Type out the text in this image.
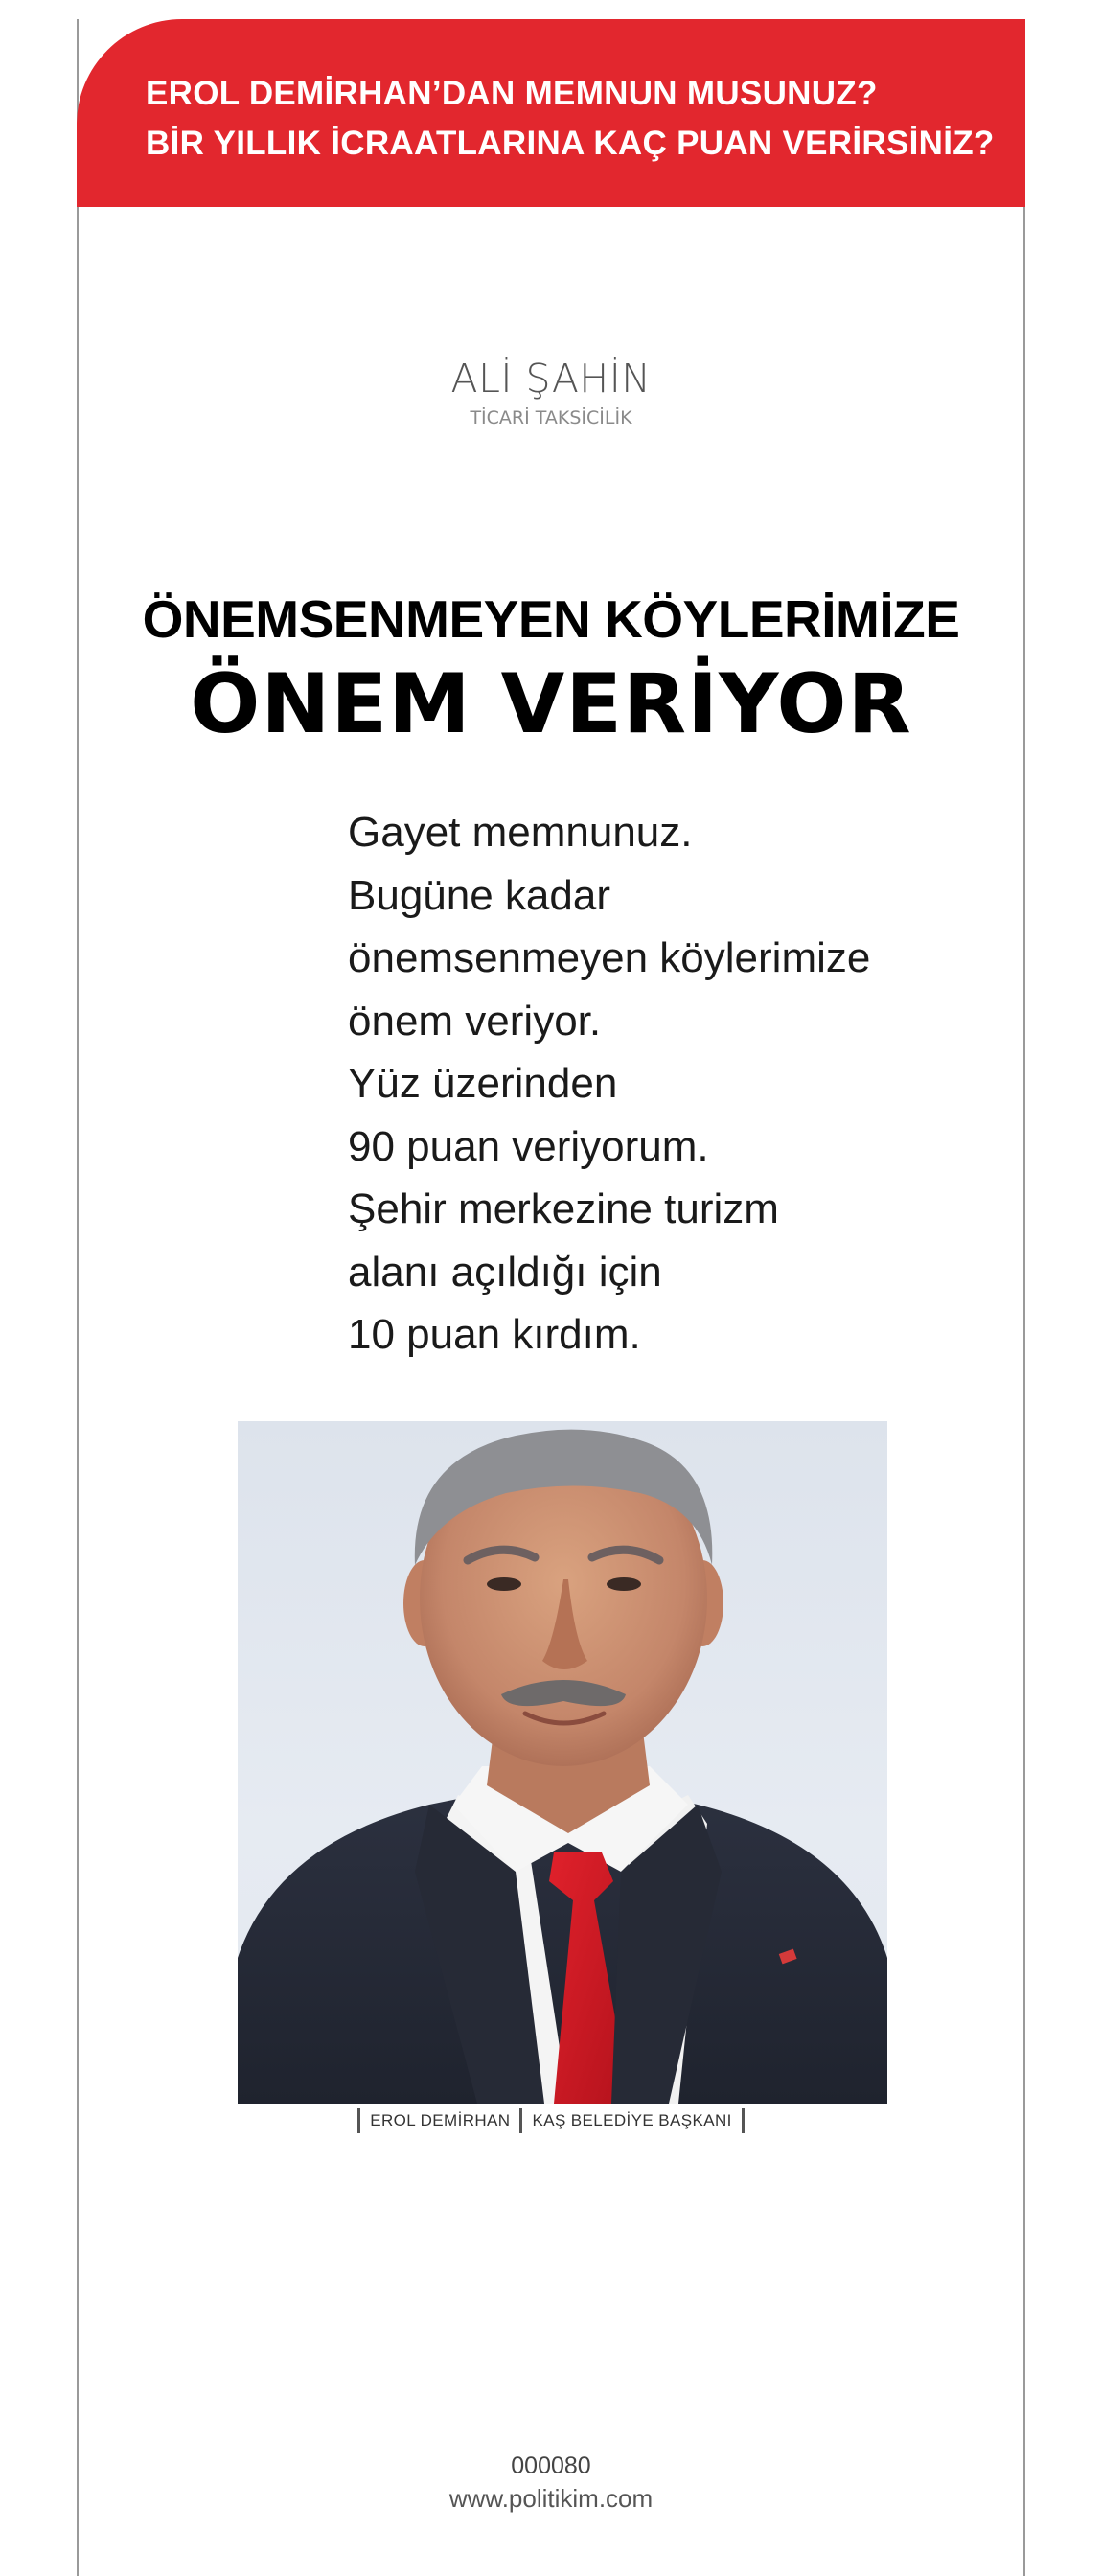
EROL DEMİRHAN’DAN MEMNUN MUSUNUZ?
BİR YILLIK İCRAATLARINA KAÇ PUAN VERİRSİNİZ?
ALİ ŞAHİN
TİCARİ TAKSİCİLİK
ÖNEMSENMEYEN KÖYLERİMİZE
ÖNEM VERİYOR
Gayet memnunuz.
Bugüne kadar
önemsenmeyen köylerimize
önem veriyor.
Yüz üzerinden
90 puan veriyorum.
Şehir merkezine turizm
alanı açıldığı için
10 puan kırdım.
EROL DEMİRHAN KAŞ BELEDİYE BAŞKANI
000080
www.politikim.com
